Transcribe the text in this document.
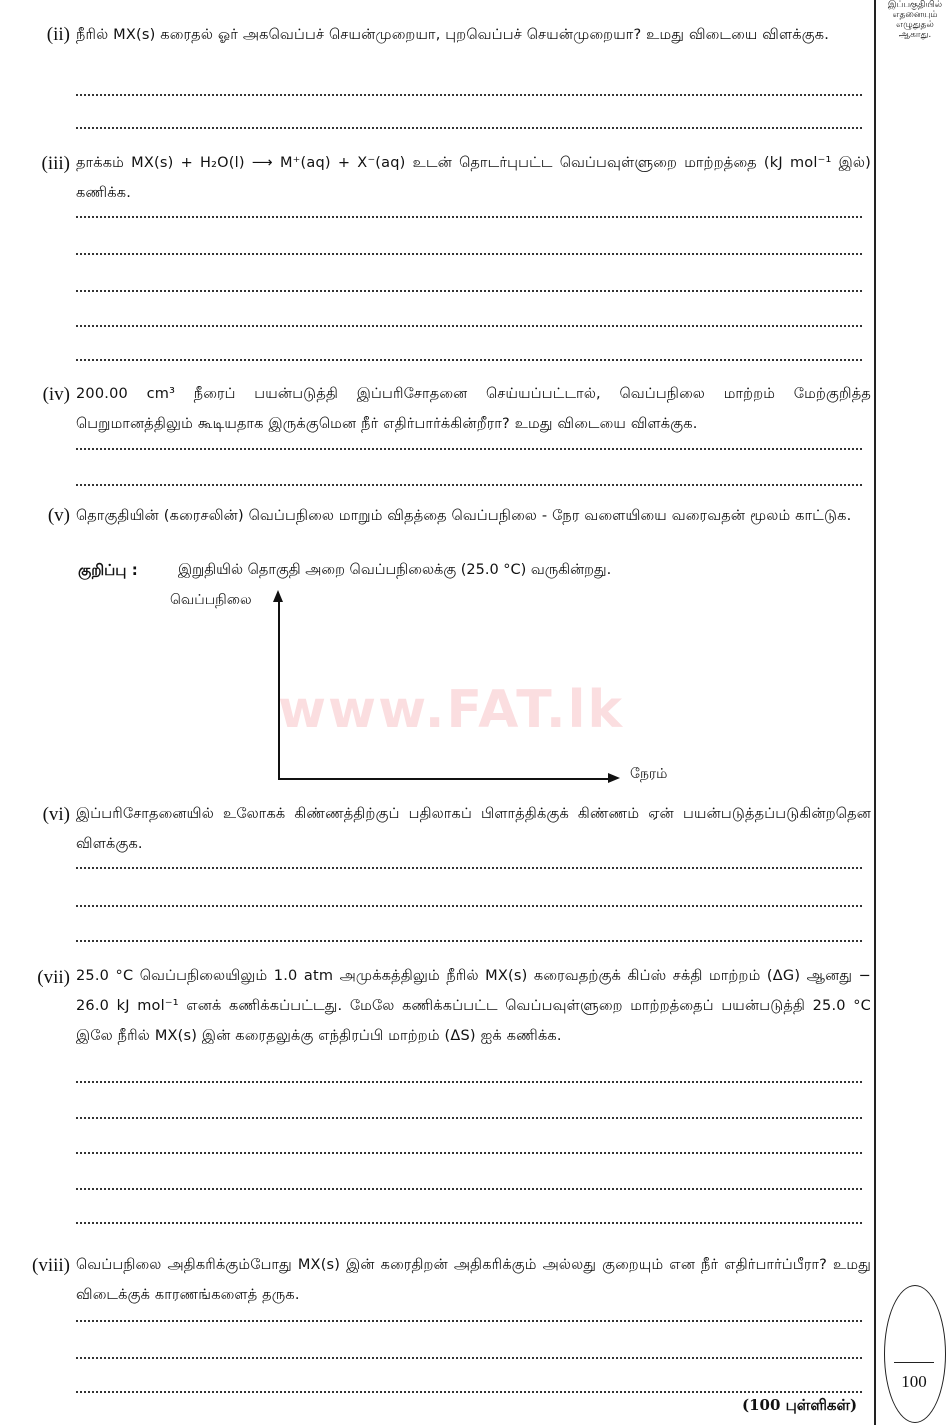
இப்பகுதியில் எதனையும் எழுதுதல் ஆகாது.
(ii) நீரில் MX(s) கரைதல் ஓர் அகவெப்பச் செயன்முறையா, புறவெப்பச் செயன்முறையா? உமது விடையை விளக்குக.
(iii) தாக்கம் MX(s) + H₂O(l) ⟶ M⁺(aq) + X⁻(aq) உடன் தொடர்புபட்ட வெப்பவுள்ளுறை மாற்றத்தை (kJ mol⁻¹ இல்) கணிக்க.
(iv) 200.00 cm³ நீரைப் பயன்படுத்தி இப்பரிசோதனை செய்யப்பட்டால், வெப்பநிலை மாற்றம் மேற்குறித்த பெறுமானத்திலும் கூடியதாக இருக்குமென நீர் எதிர்பார்க்கின்றீரா? உமது விடையை விளக்குக.
(v) தொகுதியின் (கரைசலின்) வெப்பநிலை மாறும் விதத்தை வெப்பநிலை - நேர வளையியை வரைவதன் மூலம் காட்டுக.
குறிப்பு :	இறுதியில் தொகுதி அறை வெப்பநிலைக்கு (25.0 °C) வருகின்றது.
வெப்பநிலை
நேரம்
www.FAT.lk
(vi) இப்பரிசோதனையில் உலோகக் கிண்ணத்திற்குப் பதிலாகப் பிளாத்திக்குக் கிண்ணம் ஏன் பயன்படுத்தப்படுகின்றதென விளக்குக.
(vii) 25.0 °C வெப்பநிலையிலும் 1.0 atm அமுக்கத்திலும் நீரில் MX(s) கரைவதற்குக் கிப்ஸ் சக்தி மாற்றம் (ΔG) ஆனது − 26.0 kJ mol⁻¹ எனக் கணிக்கப்பட்டது. மேலே கணிக்கப்பட்ட வெப்பவுள்ளுறை மாற்றத்தைப் பயன்படுத்தி 25.0 °C இலே நீரில் MX(s) இன் கரைதலுக்கு எந்திரப்பி மாற்றம் (ΔS) ஐக் கணிக்க.
(viii) வெப்பநிலை அதிகரிக்கும்போது MX(s) இன் கரைதிறன் அதிகரிக்கும் அல்லது குறையும் என நீர் எதிர்பார்ப்பீரா? உமது விடைக்குக் காரணங்களைத் தருக.
100
(100 புள்ளிகள்)
